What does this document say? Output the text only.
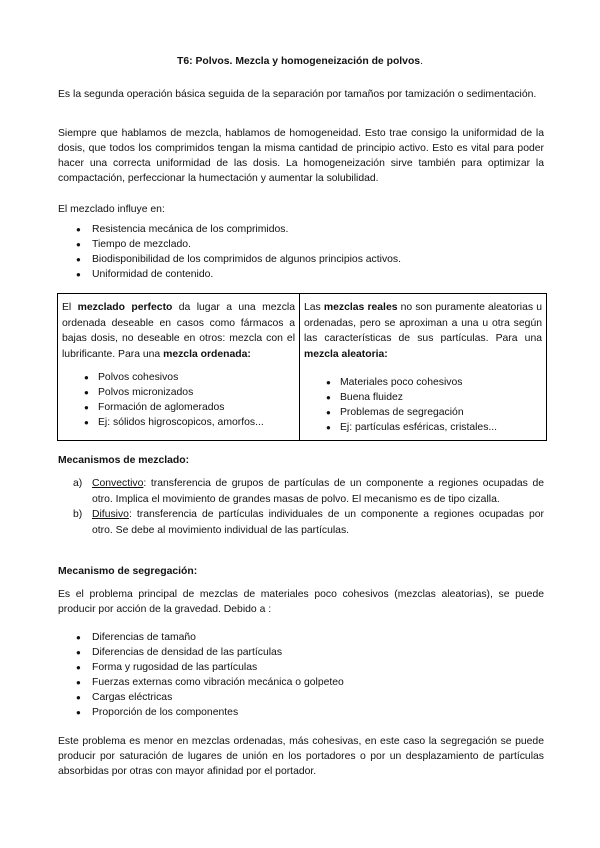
T6: Polvos. Mezcla y homogeneización de polvos.

Es la segunda operación básica seguida de la separación por tamaños por tamización o sedimentación.

Siempre que hablamos de mezcla, hablamos de homogeneidad. Esto trae consigo la uniformidad de la dosis, que todos los comprimidos tengan la misma cantidad de principio activo. Esto es vital para poder hacer una correcta uniformidad de las dosis. La homogeneización sirve también para optimizar la compactación, perfeccionar la humectación y aumentar la solubilidad.

El mezclado influye en:

● Resistencia mecánica de los comprimidos.
● Tiempo de mezclado.
● Biodisponibilidad de los comprimidos de algunos principios activos.
● Uniformidad de contenido.

El mezclado perfecto da lugar a una mezcla ordenada deseable en casos como fármacos a bajas dosis, no deseable en otros: mezcla con el lubrificante. Para una mezcla ordenada:

● Polvos cohesivos
● Polvos micronizados
● Formación de aglomerados
● Ej: sólidos higroscopicos, amorfos...

Las mezclas reales no son puramente aleatorias u ordenadas, pero se aproximan a una u otra según las características de sus partículas. Para una mezcla aleatoria:

● Materiales poco cohesivos
● Buena fluidez
● Problemas de segregación
● Ej: partículas esféricas, cristales...
Mecanismos de mezclado:
a) Convectivo: transferencia de grupos de partículas de un componente a regiones ocupadas de otro. Implica el movimiento de grandes masas de polvo. El mecanismo es de tipo cizalla.
b) Difusivo: transferencia de partículas individuales de un componente a regiones ocupadas por otro. Se debe al movimiento individual de las partículas.
Mecanismo de segregación:

Es el problema principal de mezclas de materiales poco cohesivos (mezclas aleatorias), se puede producir por acción de la gravedad. Debido a :

● Diferencias de tamaño
● Diferencias de densidad de las partículas
● Forma y rugosidad de las partículas
● Fuerzas externas como vibración mecánica o golpeteo
● Cargas eléctricas
● Proporción de los componentes

Este problema es menor en mezclas ordenadas, más cohesivas, en este caso la segregación se puede producir por saturación de lugares de unión en los portadores o por un desplazamiento de partículas absorbidas por otras con mayor afinidad por el portador.
